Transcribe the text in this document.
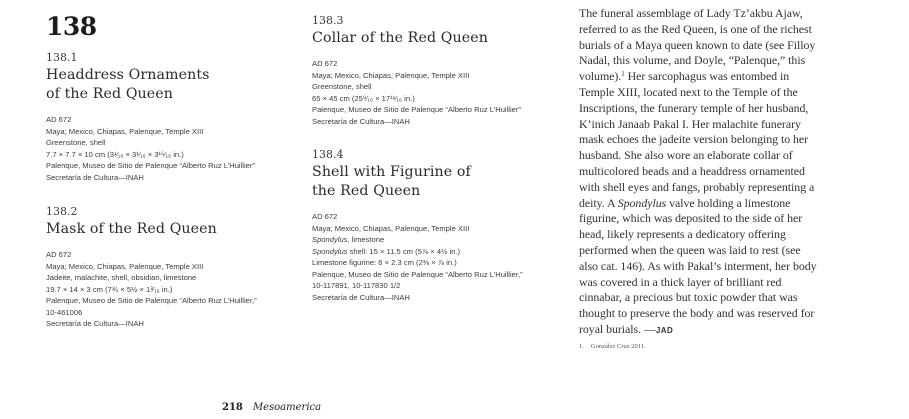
138

138.1

Headdress Ornaments
of the Red Queen
AD 672
Maya; Mexico, Chiapas, Palenque, Temple XIII
Greenstone, shell
7.7 × 7.7 × 10 cm (3¹⁄₁₆ × 3¹⁄₁₆ × 3¹⁵⁄₁₆ in.)
Palenque, Museo de Sitio de Palenque “Alberto Ruz L’Huillier”
Secretaría de Cultura—INAH

138.2

Mask of the Red Queen
AD 672
Maya; Mexico, Chiapas, Palenque, Temple XIII
Jadeite, malachite, shell, obsidian, limestone
19.7 × 14 × 3 cm (7¾ × 5½ × 1³⁄₁₆ in.)
Palenque, Museo de Sitio de Palenque “Alberto Ruz L’Huillier,”
10-461006
Secretaría de Cultura—INAH

138.3

Collar of the Red Queen
AD 672
Maya; Mexico, Chiapas, Palenque, Temple XIII
Greenstone, shell
65 × 45 cm (25⁹⁄₁₆ × 17¹¹⁄₁₆ in.)
Palenque, Museo de Sitio de Palenque “Alberto Ruz L’Huillier”
Secretaría de Cultura—INAH

138.4

Shell with Figurine of
the Red Queen
AD 672
Maya; Mexico, Chiapas, Palenque, Temple XIII
Spondylus, limestone
Spondylus shell: 15 × 11.5 cm (5⅞ × 4½ in.)
Limestone figurine: 6 × 2.3 cm (2⅜ × ⅞ in.)
Palenque, Museo de Sitio de Palenque “Alberto Ruz L’Huillier,”
10-117891, 10-117830 1/2
Secretaría de Cultura—INAH

The funeral assemblage of Lady Tz’akbu Ajaw, referred to as the Red Queen, is one of the richest burials of a Maya queen known to date (see Filloy Nadal, this volume, and Doyle, “Palenque,” this volume).$^1$ Her sarcophagus was entombed in Temple XIII, located next to the Temple of the Inscriptions, the funerary temple of her husband, K’inich Janaab Pakal I. Her malachite funerary mask echoes the jadeite version belonging to her husband. She also wore an elaborate collar of multicolored beads and a headdress ornamented with shell eyes and fangs, probably representing a deity. A Spondylus valve holding a limestone figurine, which was deposited to the side of her head, likely represents a dedicatory offering performed when the queen was laid to rest (see also cat. 146). As with Pakal’s interment, her body was covered in a thick layer of brilliant red cinnabar, a precious but toxic powder that was thought to preserve the body and was reserved for royal burials. —JAD

1. González Cruz 2011.
218 Mesoamerica
